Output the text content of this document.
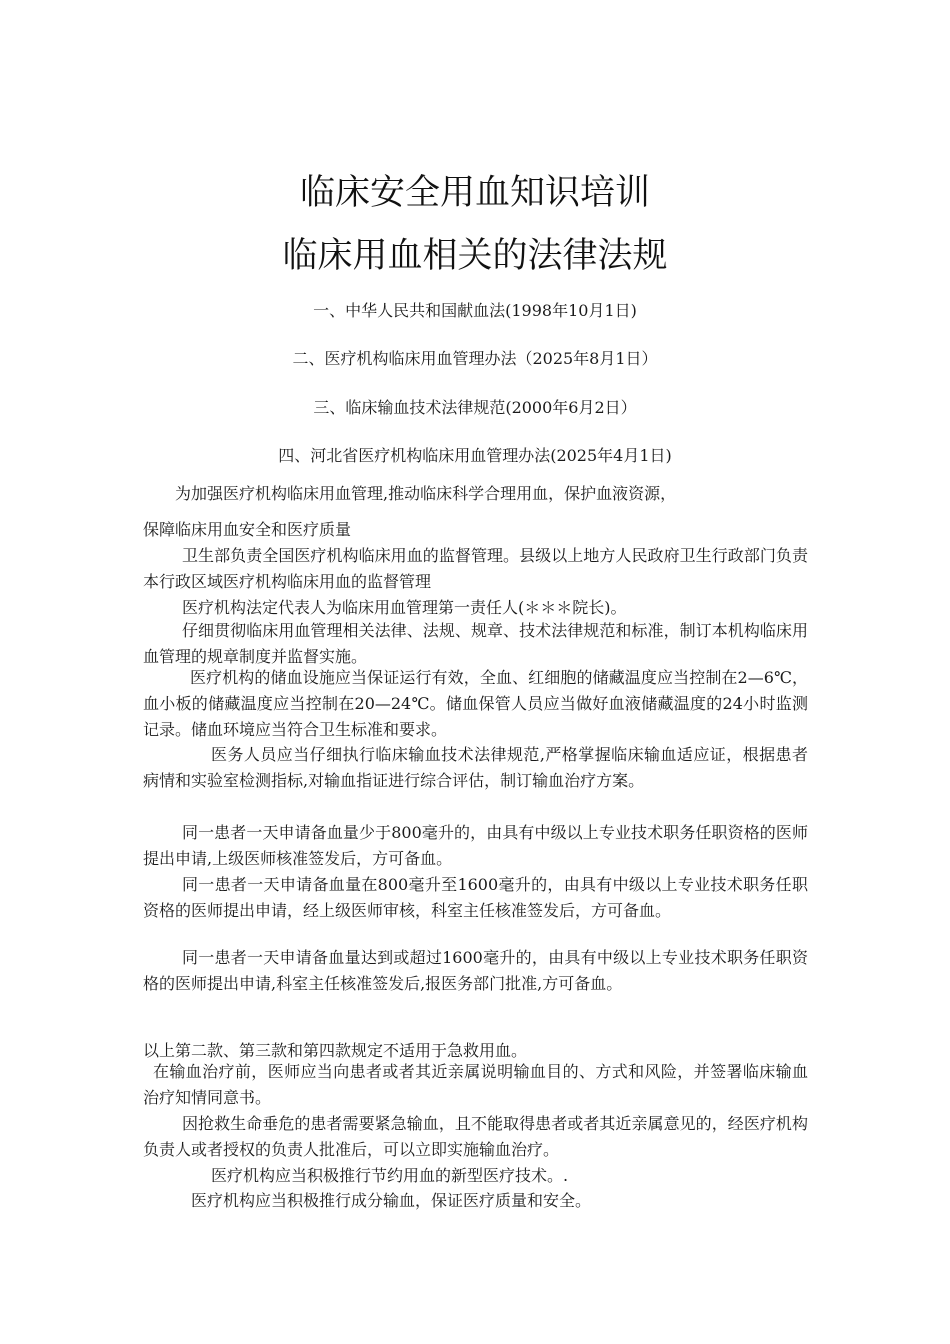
临床安全用血知识培训
临床用血相关的法律法规
一、中华人民共和国献血法(1998年10月1日)
二、医疗机构临床用血管理办法（2025年8月1日）
三、临床输血技术法律规范(2000年6月2日）
四、河北省医疗机构临床用血管理办法(2025年4月1日)
为加强医疗机构临床用血管理,推动临床科学合理用血，保护血液资源，
保障临床用血安全和医疗质量
卫生部负责全国医疗机构临床用血的监督管理。县级以上地方人民政府卫生行政部门负责本行政区域医疗机构临床用血的监督管理
医疗机构法定代表人为临床用血管理第一责任人(＊＊＊院长)。
仔细贯彻临床用血管理相关法律、法规、规章、技术法律规范和标准，制订本机构临床用血管理的规章制度并监督实施。
医疗机构的储血设施应当保证运行有效，全血、红细胞的储藏温度应当控制在2—6℃，血小板的储藏温度应当控制在20—24℃。储血保管人员应当做好血液储藏温度的24小时监测记录。储血环境应当符合卫生标准和要求。
医务人员应当仔细执行临床输血技术法律规范,严格掌握临床输血适应证，根据患者病情和实验室检测指标,对输血指证进行综合评估，制订输血治疗方案。
同一患者一天申请备血量少于800毫升的，由具有中级以上专业技术职务任职资格的医师提出申请,上级医师核准签发后，方可备血。
同一患者一天申请备血量在800毫升至1600毫升的，由具有中级以上专业技术职务任职资格的医师提出申请，经上级医师审核，科室主任核准签发后，方可备血。
同一患者一天申请备血量达到或超过1600毫升的，由具有中级以上专业技术职务任职资格的医师提出申请,科室主任核准签发后,报医务部门批准,方可备血。
以上第二款、第三款和第四款规定不适用于急救用血。
在输血治疗前，医师应当向患者或者其近亲属说明输血目的、方式和风险，并签署临床输血治疗知情同意书。
因抢救生命垂危的患者需要紧急输血，且不能取得患者或者其近亲属意见的，经医疗机构负责人或者授权的负责人批准后，可以立即实施输血治疗。
医疗机构应当积极推行节约用血的新型医疗技术。.
医疗机构应当积极推行成分输血，保证医疗质量和安全。
